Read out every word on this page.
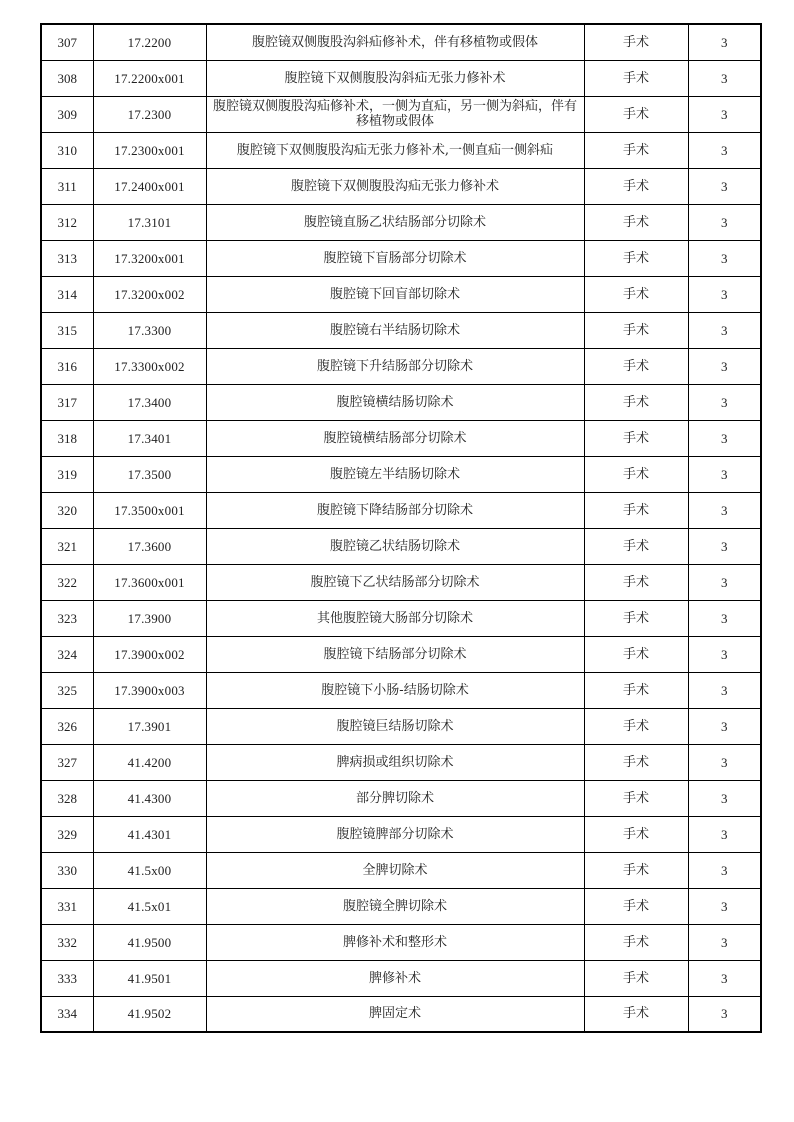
307	17.2200	腹腔镜双侧腹股沟斜疝修补术，伴有移植物或假体	手术	3
308	17.2200x001	腹腔镜下双侧腹股沟斜疝无张力修补术	手术	3
309	17.2300	腹腔镜双侧腹股沟疝修补术，一侧为直疝，另一侧为斜疝，伴有移植物或假体	手术	3
310	17.2300x001	腹腔镜下双侧腹股沟疝无张力修补术,一侧直疝一侧斜疝	手术	3
311	17.2400x001	腹腔镜下双侧腹股沟疝无张力修补术	手术	3
312	17.3101	腹腔镜直肠乙状结肠部分切除术	手术	3
313	17.3200x001	腹腔镜下盲肠部分切除术	手术	3
314	17.3200x002	腹腔镜下回盲部切除术	手术	3
315	17.3300	腹腔镜右半结肠切除术	手术	3
316	17.3300x002	腹腔镜下升结肠部分切除术	手术	3
317	17.3400	腹腔镜横结肠切除术	手术	3
318	17.3401	腹腔镜横结肠部分切除术	手术	3
319	17.3500	腹腔镜左半结肠切除术	手术	3
320	17.3500x001	腹腔镜下降结肠部分切除术	手术	3
321	17.3600	腹腔镜乙状结肠切除术	手术	3
322	17.3600x001	腹腔镜下乙状结肠部分切除术	手术	3
323	17.3900	其他腹腔镜大肠部分切除术	手术	3
324	17.3900x002	腹腔镜下结肠部分切除术	手术	3
325	17.3900x003	腹腔镜下小肠-结肠切除术	手术	3
326	17.3901	腹腔镜巨结肠切除术	手术	3
327	41.4200	脾病损或组织切除术	手术	3
328	41.4300	部分脾切除术	手术	3
329	41.4301	腹腔镜脾部分切除术	手术	3
330	41.5x00	全脾切除术	手术	3
331	41.5x01	腹腔镜全脾切除术	手术	3
332	41.9500	脾修补术和整形术	手术	3
333	41.9501	脾修补术	手术	3
334	41.9502	脾固定术	手术	3
